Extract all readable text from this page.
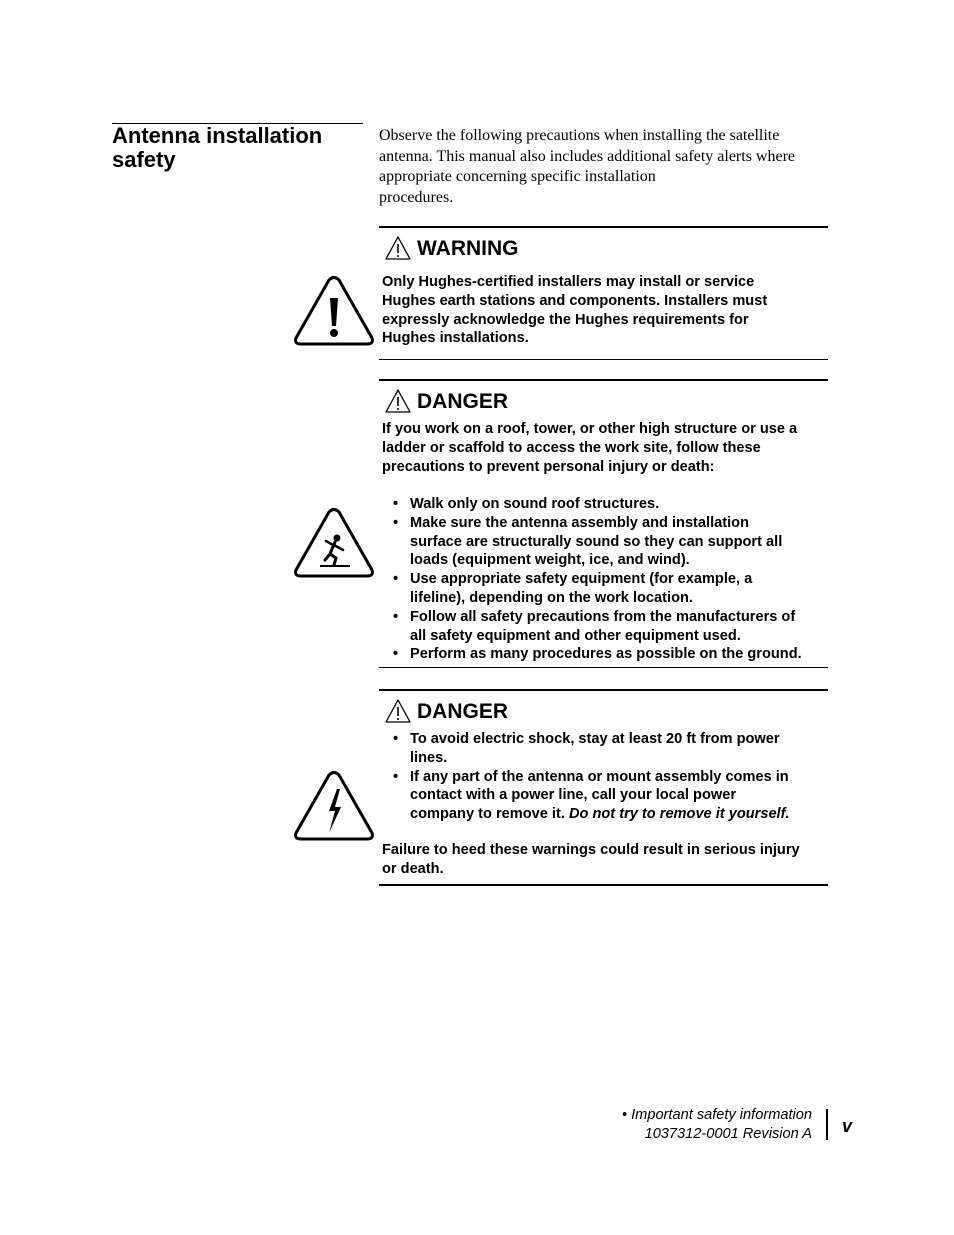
Antenna installation
safety

Observe the following precautions when installing the satellite
antenna. This manual also includes additional safety alerts where
appropriate concerning specific installation
procedures.

WARNING

Only Hughes-certified installers may install or service
Hughes earth stations and components. Installers must
expressly acknowledge the Hughes requirements for
Hughes installations.

DANGER

If you work on a roof, tower, or other high structure or use a
ladder or scaffold to access the work site, follow these
precautions to prevent personal injury or death:

• Walk only on sound roof structures.
• Make sure the antenna assembly and installation
surface are structurally sound so they can support all
loads (equipment weight, ice, and wind).
• Use appropriate safety equipment (for example, a
lifeline), depending on the work location.
• Follow all safety precautions from the manufacturers of
all safety equipment and other equipment used.
• Perform as many procedures as possible on the ground.
DANGER
• To avoid electric shock, stay at least 20 ft from power
lines.
• If any part of the antenna or mount assembly comes in
contact with a power line, call your local power
company to remove it. Do not try to remove it yourself.

Failure to heed these warnings could result in serious injury
or death.

• Important safety information
1037312-0001 Revision A v
